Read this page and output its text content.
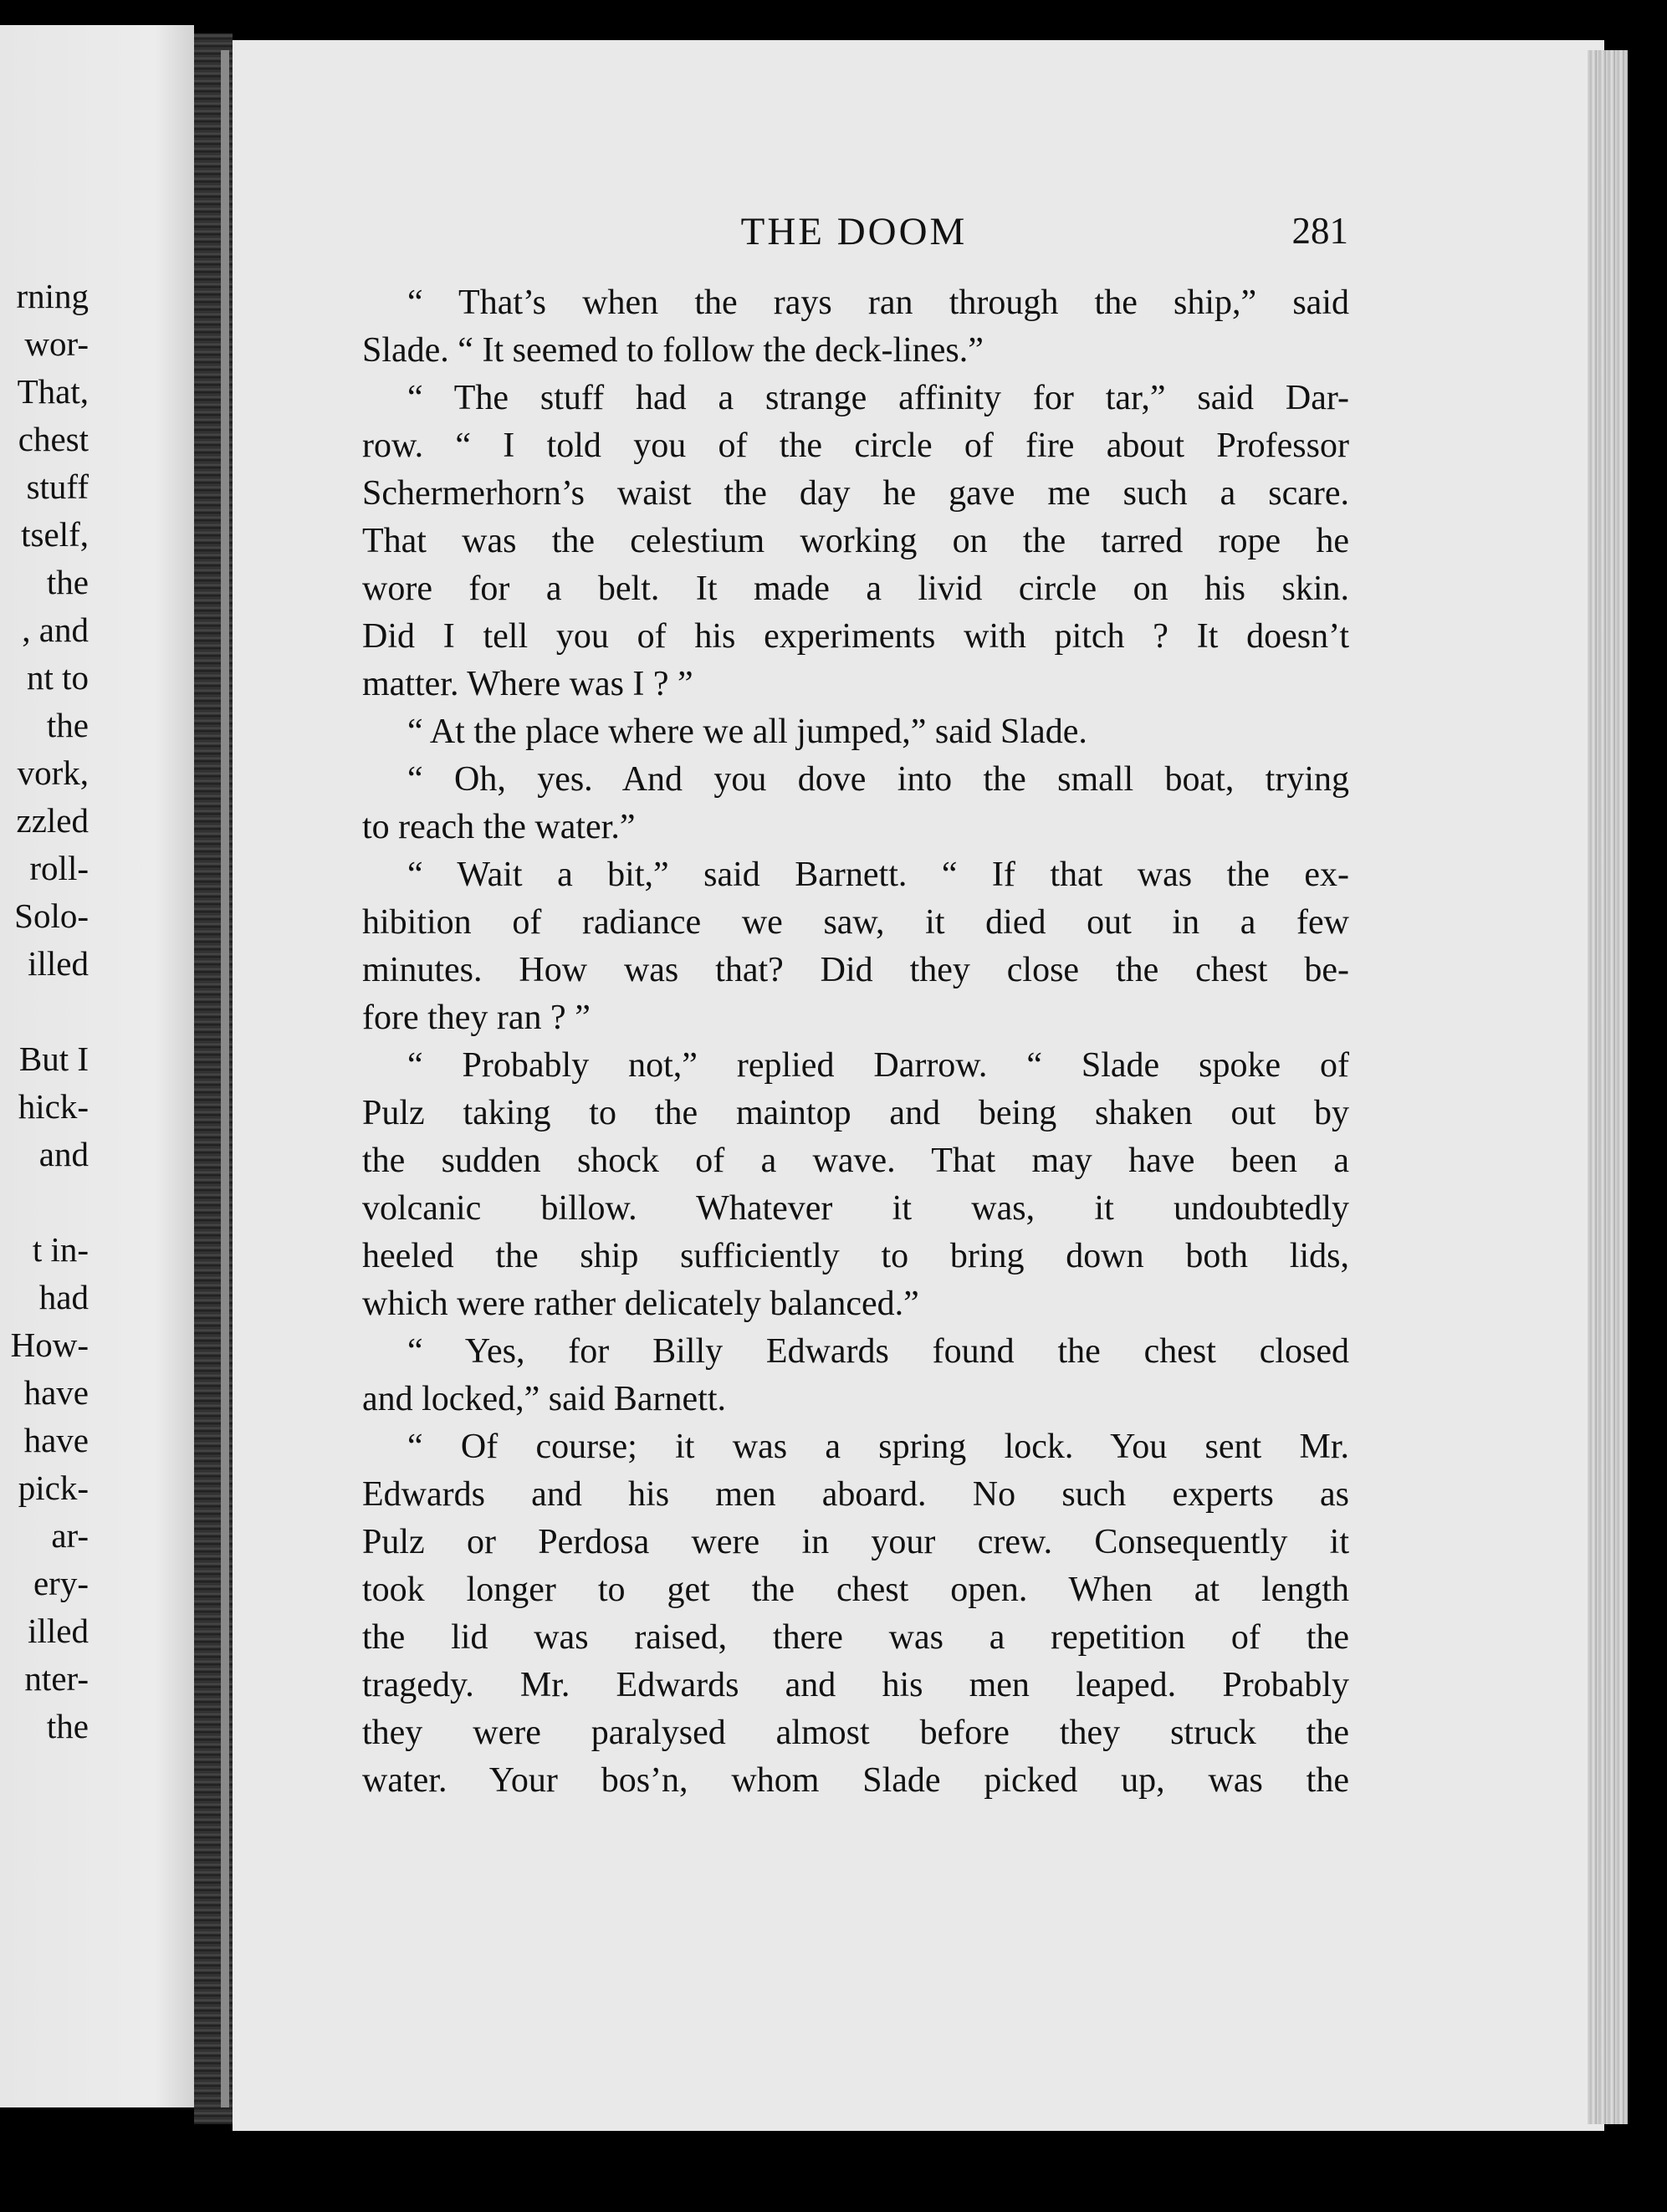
rning
wor-
That,
chest
stuff
tself,
the
, and
nt to
the
vork,
zzled
roll-
Solo-
illed
But I
hick-
and
t in-
had
How-
have
have
pick-
ar-
ery-
illed
nter-
the
THE DOOM	281
“ That’s when the rays ran through the ship,” said
Slade. “ It seemed to follow the deck-lines.”
“ The stuff had a strange affinity for tar,” said Dar-
row. “ I told you of the circle of fire about Professor
Schermerhorn’s waist the day he gave me such a scare.
That was the celestium working on the tarred rope he
wore for a belt. It made a livid circle on his skin.
Did I tell you of his experiments with pitch ? It doesn’t
matter. Where was I ? ”
“ At the place where we all jumped,” said Slade.
“ Oh, yes. And you dove into the small boat, trying
to reach the water.”
“ Wait a bit,” said Barnett. “ If that was the ex-
hibition of radiance we saw, it died out in a few
minutes. How was that? Did they close the chest be-
fore they ran ? ”
“ Probably not,” replied Darrow. “ Slade spoke of
Pulz taking to the maintop and being shaken out by
the sudden shock of a wave. That may have been a
volcanic billow. Whatever it was, it undoubtedly
heeled the ship sufficiently to bring down both lids,
which were rather delicately balanced.”
“ Yes, for Billy Edwards found the chest closed
and locked,” said Barnett.
“ Of course; it was a spring lock. You sent Mr.
Edwards and his men aboard. No such experts as
Pulz or Perdosa were in your crew. Consequently it
took longer to get the chest open. When at length
the lid was raised, there was a repetition of the
tragedy. Mr. Edwards and his men leaped. Probably
they were paralysed almost before they struck the
water. Your bos’n, whom Slade picked up, was the
